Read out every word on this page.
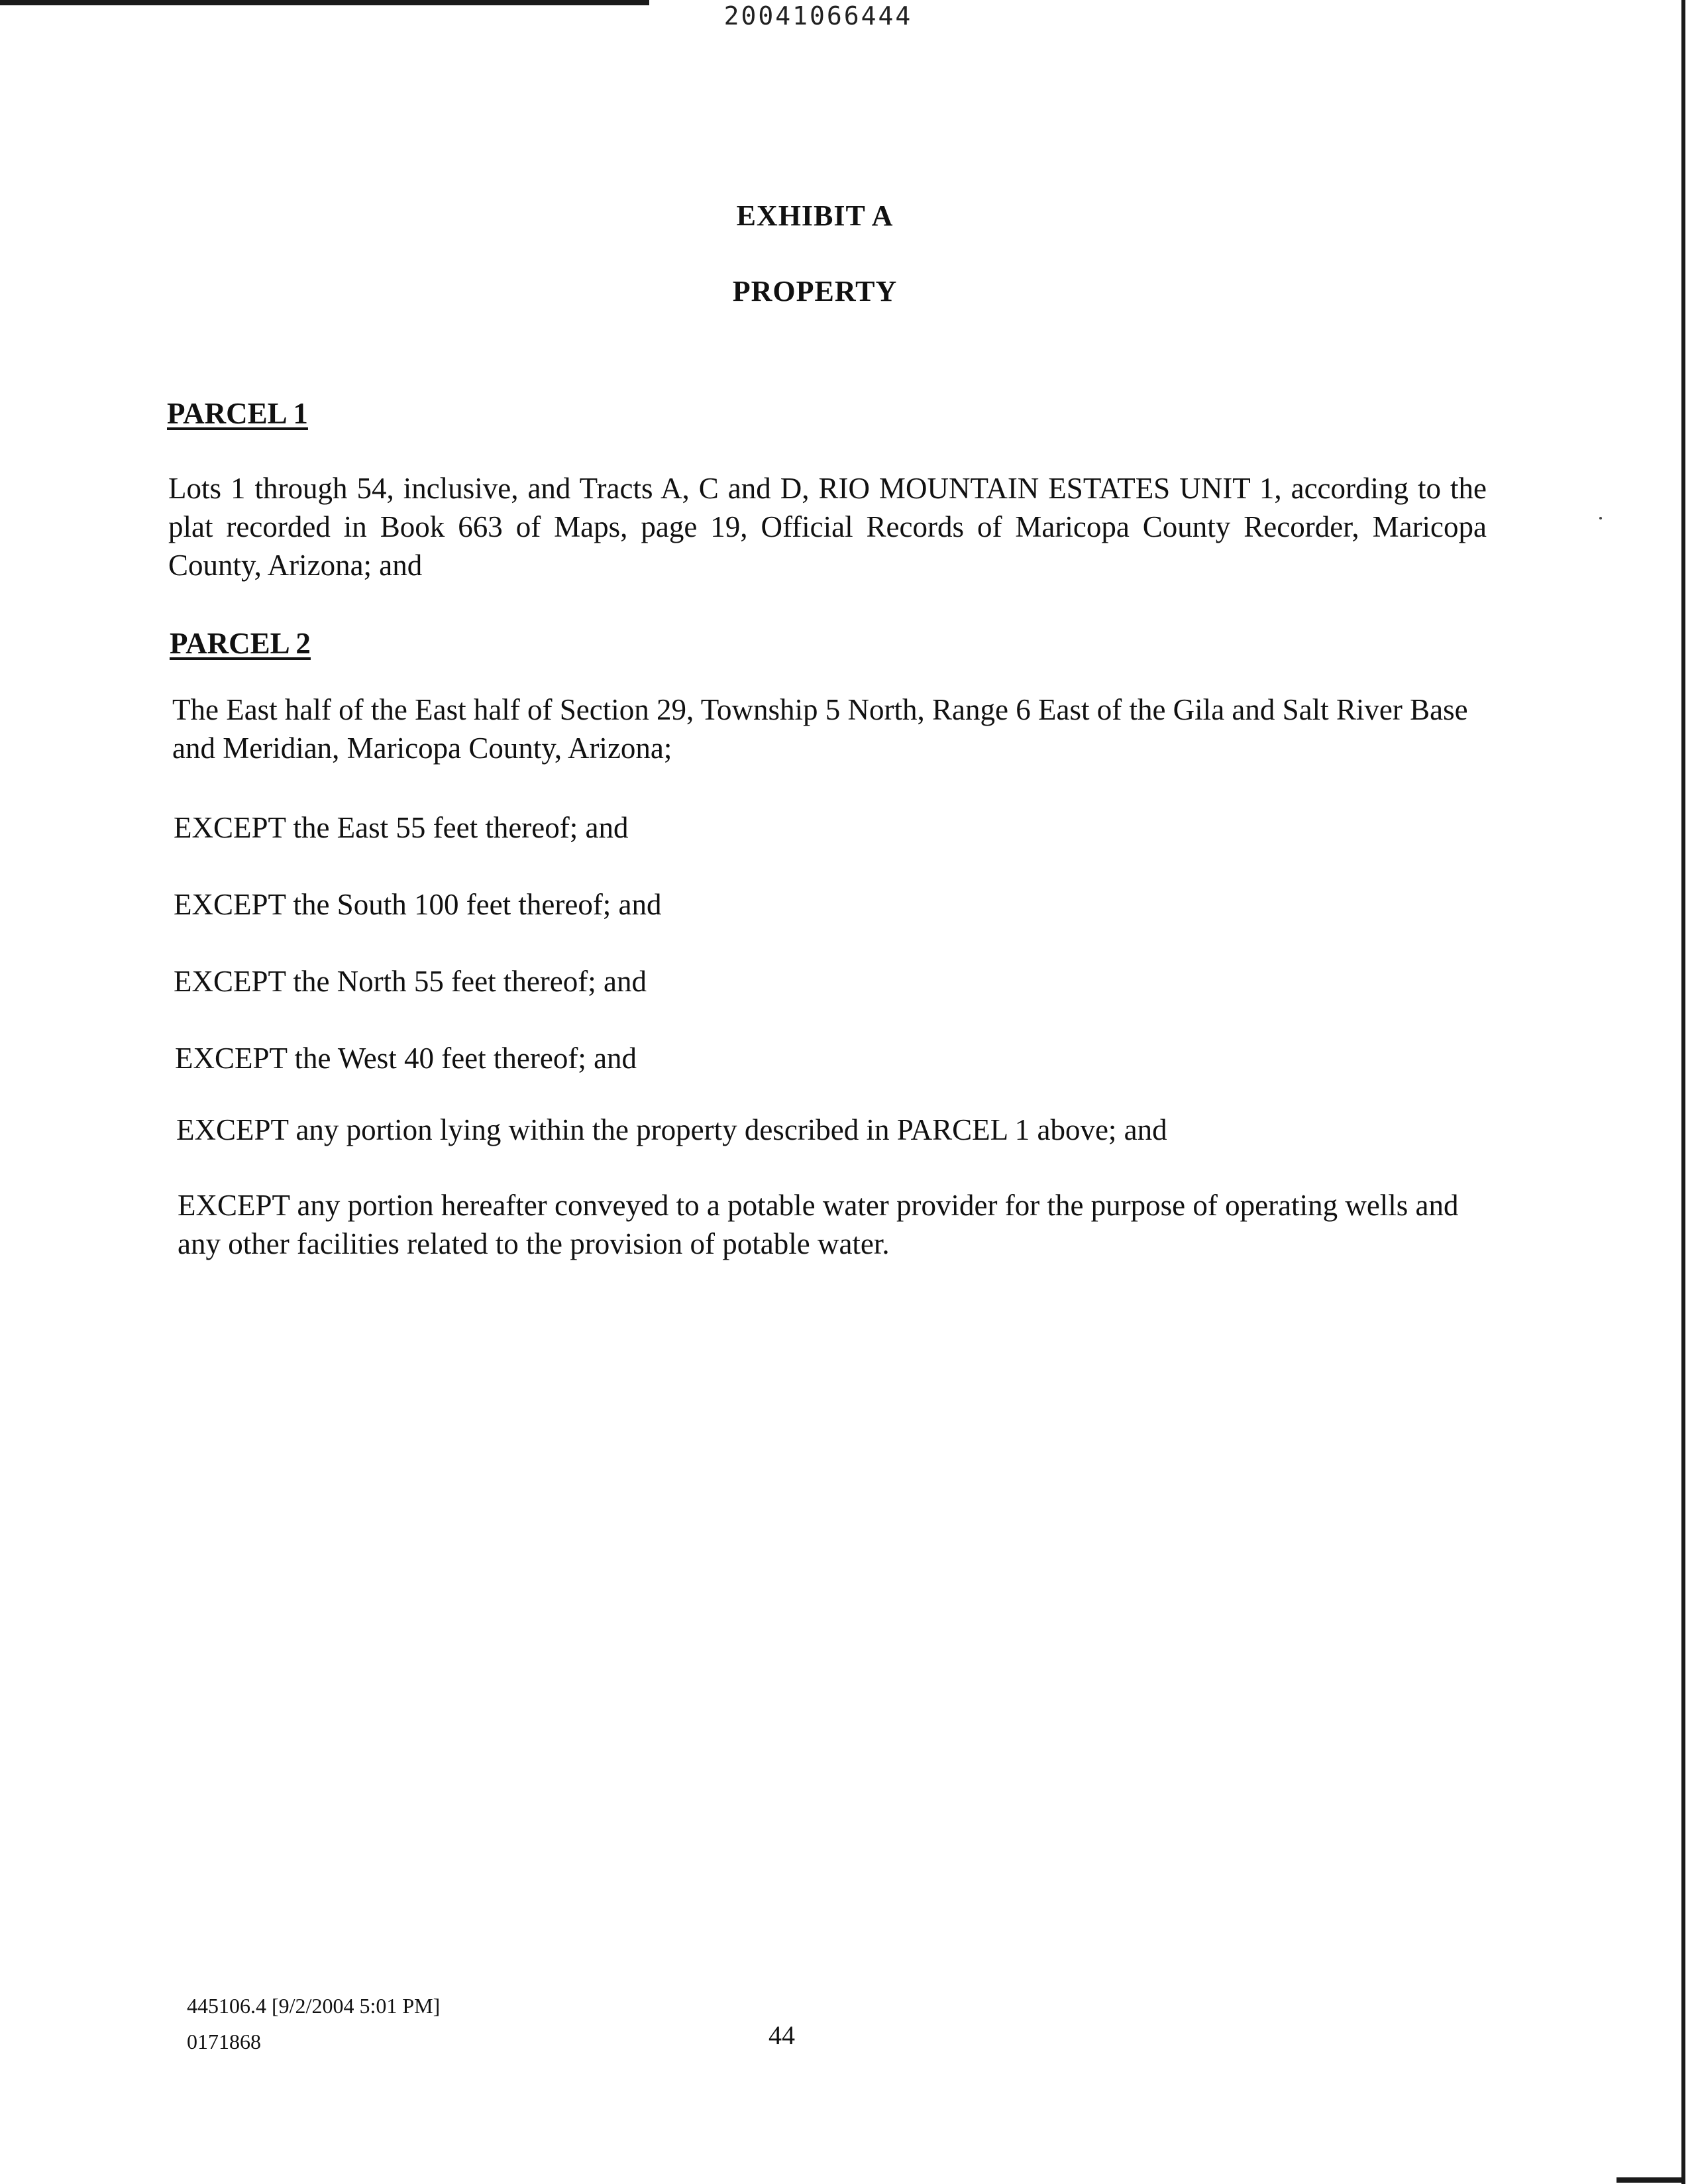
20041066444
EXHIBIT A
PROPERTY
PARCEL 1

Lots 1 through 54, inclusive, and Tracts A, C and D, RIO MOUNTAIN ESTATES UNIT 1, according to the plat recorded in Book 663 of Maps, page 19, Official Records of Maricopa County Recorder, Maricopa County, Arizona; and

PARCEL 2

The East half of the East half of Section 29, Township 5 North, Range 6 East of the Gila and Salt River Base and Meridian, Maricopa County, Arizona;

EXCEPT the East 55 feet thereof; and

EXCEPT the South 100 feet thereof; and

EXCEPT the North 55 feet thereof; and

EXCEPT the West 40 feet thereof; and

EXCEPT any portion lying within the property described in PARCEL 1 above; and

EXCEPT any portion hereafter conveyed to a potable water provider for the purpose of operating wells and any other facilities related to the provision of potable water.

445106.4 [9/2/2004 5:01 PM]
0171868	44
